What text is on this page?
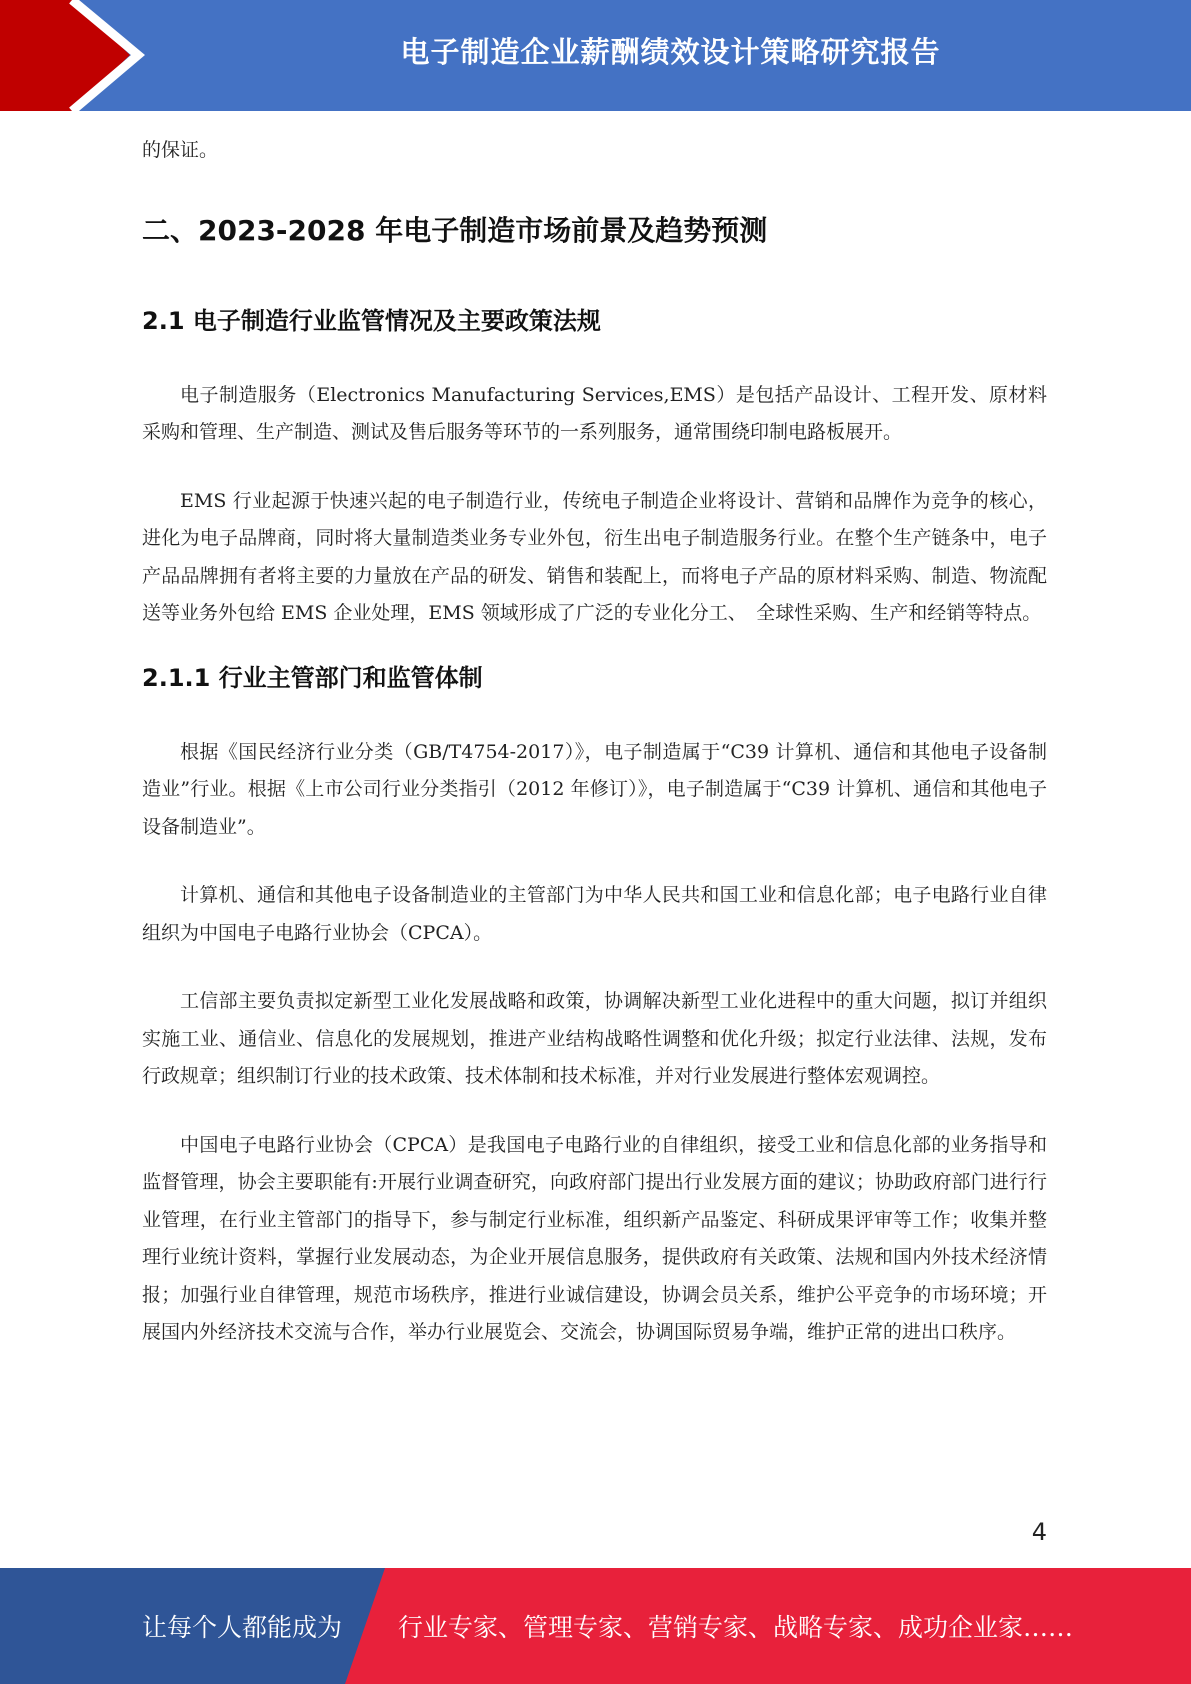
电子制造企业薪酬绩效设计策略研究报告

的保证。

二、2023-2028 年电子制造市场前景及趋势预测
2.1 电子制造行业监管情况及主要政策法规

电子制造服务（Electronics Manufacturing Services,EMS）是包括产品设计、工程开发、原材料采购和管理、生产制造、测试及售后服务等环节的一系列服务，通常围绕印制电路板展开。

EMS 行业起源于快速兴起的电子制造行业，传统电子制造企业将设计、营销和品牌作为竞争的核心，进化为电子品牌商，同时将大量制造类业务专业外包，衍生出电子制造服务行业。在整个生产链条中，电子产品品牌拥有者将主要的力量放在产品的研发、销售和装配上，而将电子产品的原材料采购、制造、物流配送等业务外包给 EMS 企业处理，EMS 领域形成了广泛的专业化分工、　全球性采购、生产和经销等特点。

2.1.1 行业主管部门和监管体制

根据《国民经济行业分类（GB/T4754-2017）》，电子制造属于“C39 计算机、通信和其他电子设备制造业”行业。根据《上市公司行业分类指引（2012 年修订）》，电子制造属于“C39 计算机、通信和其他电子设备制造业”。

计算机、通信和其他电子设备制造业的主管部门为中华人民共和国工业和信息化部；电子电路行业自律组织为中国电子电路行业协会（CPCA）。

工信部主要负责拟定新型工业化发展战略和政策，协调解决新型工业化进程中的重大问题，拟订并组织实施工业、通信业、信息化的发展规划，推进产业结构战略性调整和优化升级；拟定行业法律、法规，发布行政规章；组织制订行业的技术政策、技术体制和技术标准，并对行业发展进行整体宏观调控。

中国电子电路行业协会（CPCA）是我国电子电路行业的自律组织，接受工业和信息化部的业务指导和监督管理，协会主要职能有:开展行业调查研究，向政府部门提出行业发展方面的建议；协助政府部门进行行业管理，在行业主管部门的指导下，参与制定行业标准，组织新产品鉴定、科研成果评审等工作；收集并整理行业统计资料，掌握行业发展动态，为企业开展信息服务，提供政府有关政策、法规和国内外技术经济情报；加强行业自律管理，规范市场秩序，推进行业诚信建设，协调会员关系，维护公平竞争的市场环境；开展国内外经济技术交流与合作，举办行业展览会、交流会，协调国际贸易争端，维护正常的进出口秩序。

4
让每个人都能成为 行业专家、管理专家、营销专家、战略专家、成功企业家……
